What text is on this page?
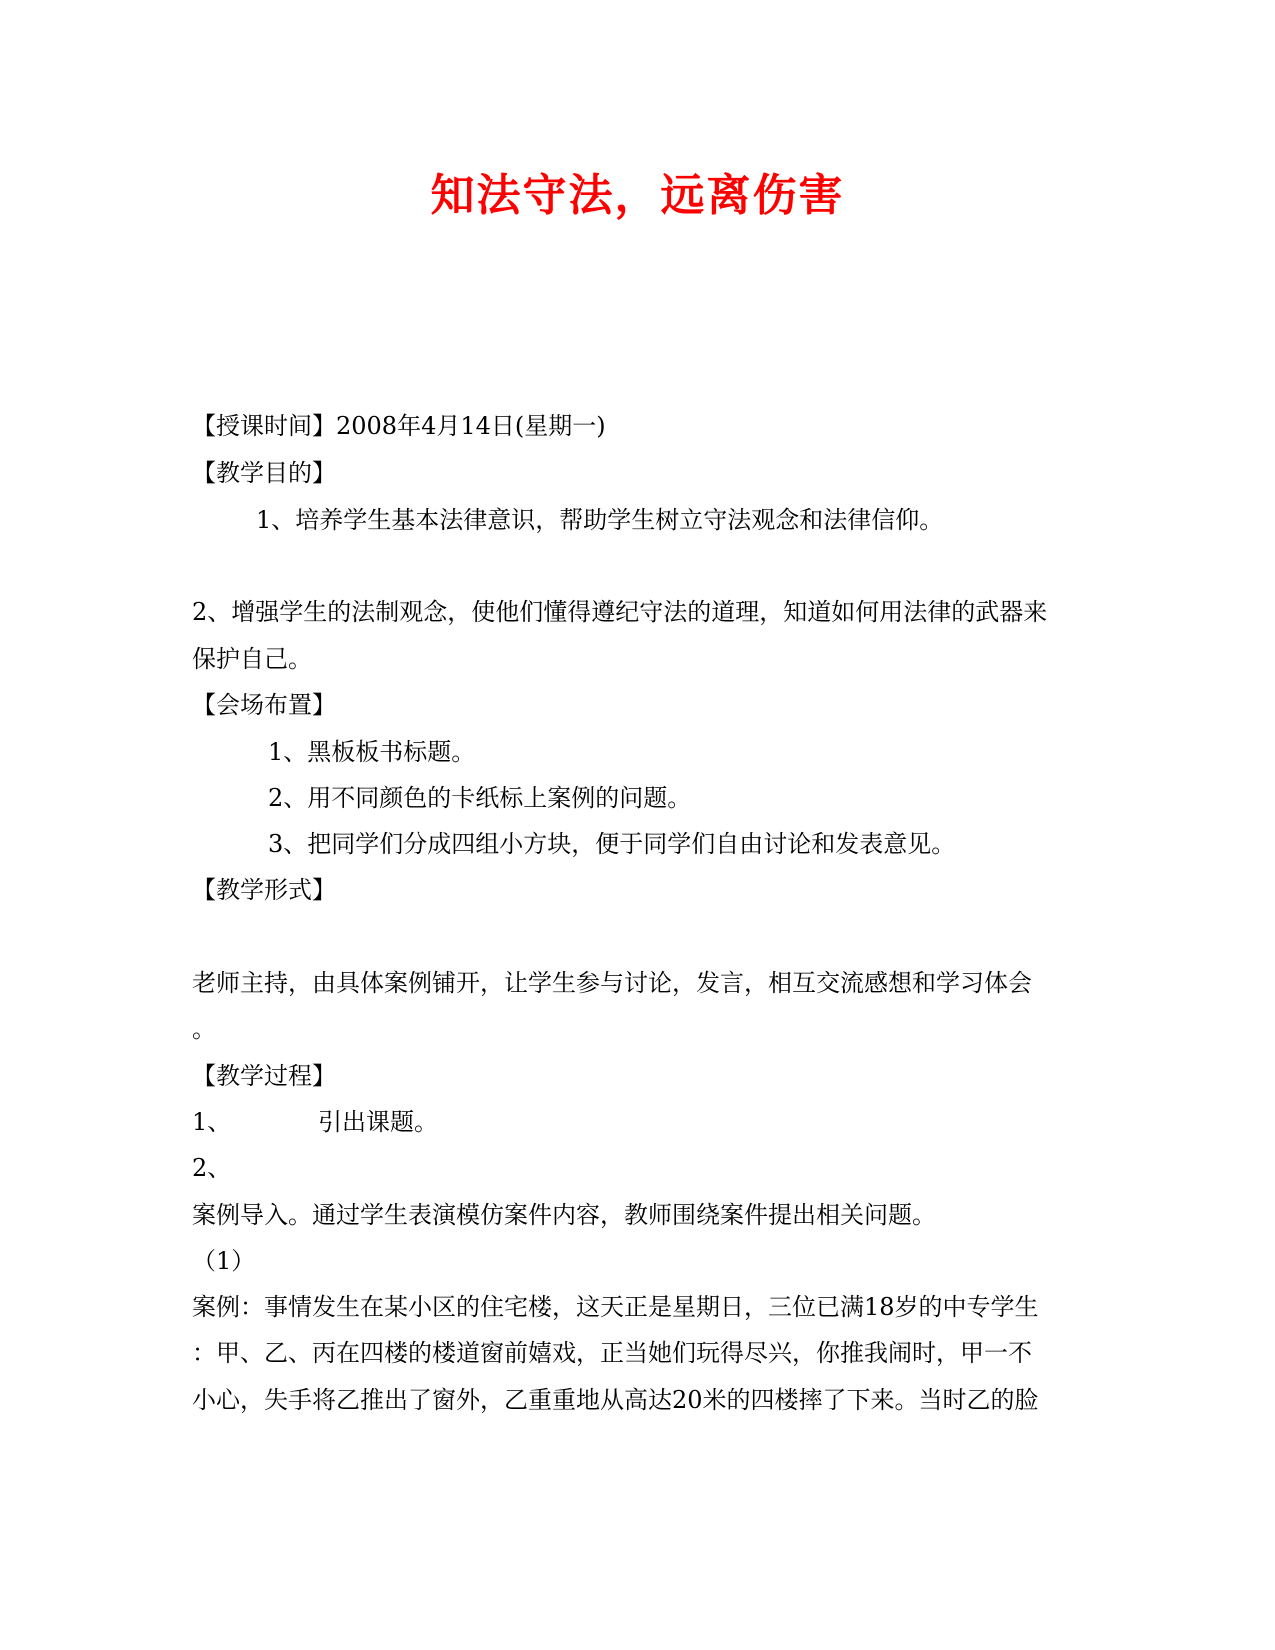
知法守法，远离伤害
【授课时间】2008年4月14日(星期一)
【教学目的】
1、培养学生基本法律意识，帮助学生树立守法观念和法律信仰。
2、增强学生的法制观念，使他们懂得遵纪守法的道理，知道如何用法律的武器来
保护自己。
【会场布置】
1、黑板板书标题。
2、用不同颜色的卡纸标上案例的问题。
3、把同学们分成四组小方块，便于同学们自由讨论和发表意见。
【教学形式】
老师主持，由具体案例铺开，让学生参与讨论，发言，相互交流感想和学习体会
。
【教学过程】
1、	引出课题。
2、
案例导入。通过学生表演模仿案件内容，教师围绕案件提出相关问题。
（1）
案例：事情发生在某小区的住宅楼，这天正是星期日，三位已满18岁的中专学生
：甲、乙、丙在四楼的楼道窗前嬉戏，正当她们玩得尽兴，你推我闹时，甲一不
小心，失手将乙推出了窗外，乙重重地从高达20米的四楼摔了下来。当时乙的脸
